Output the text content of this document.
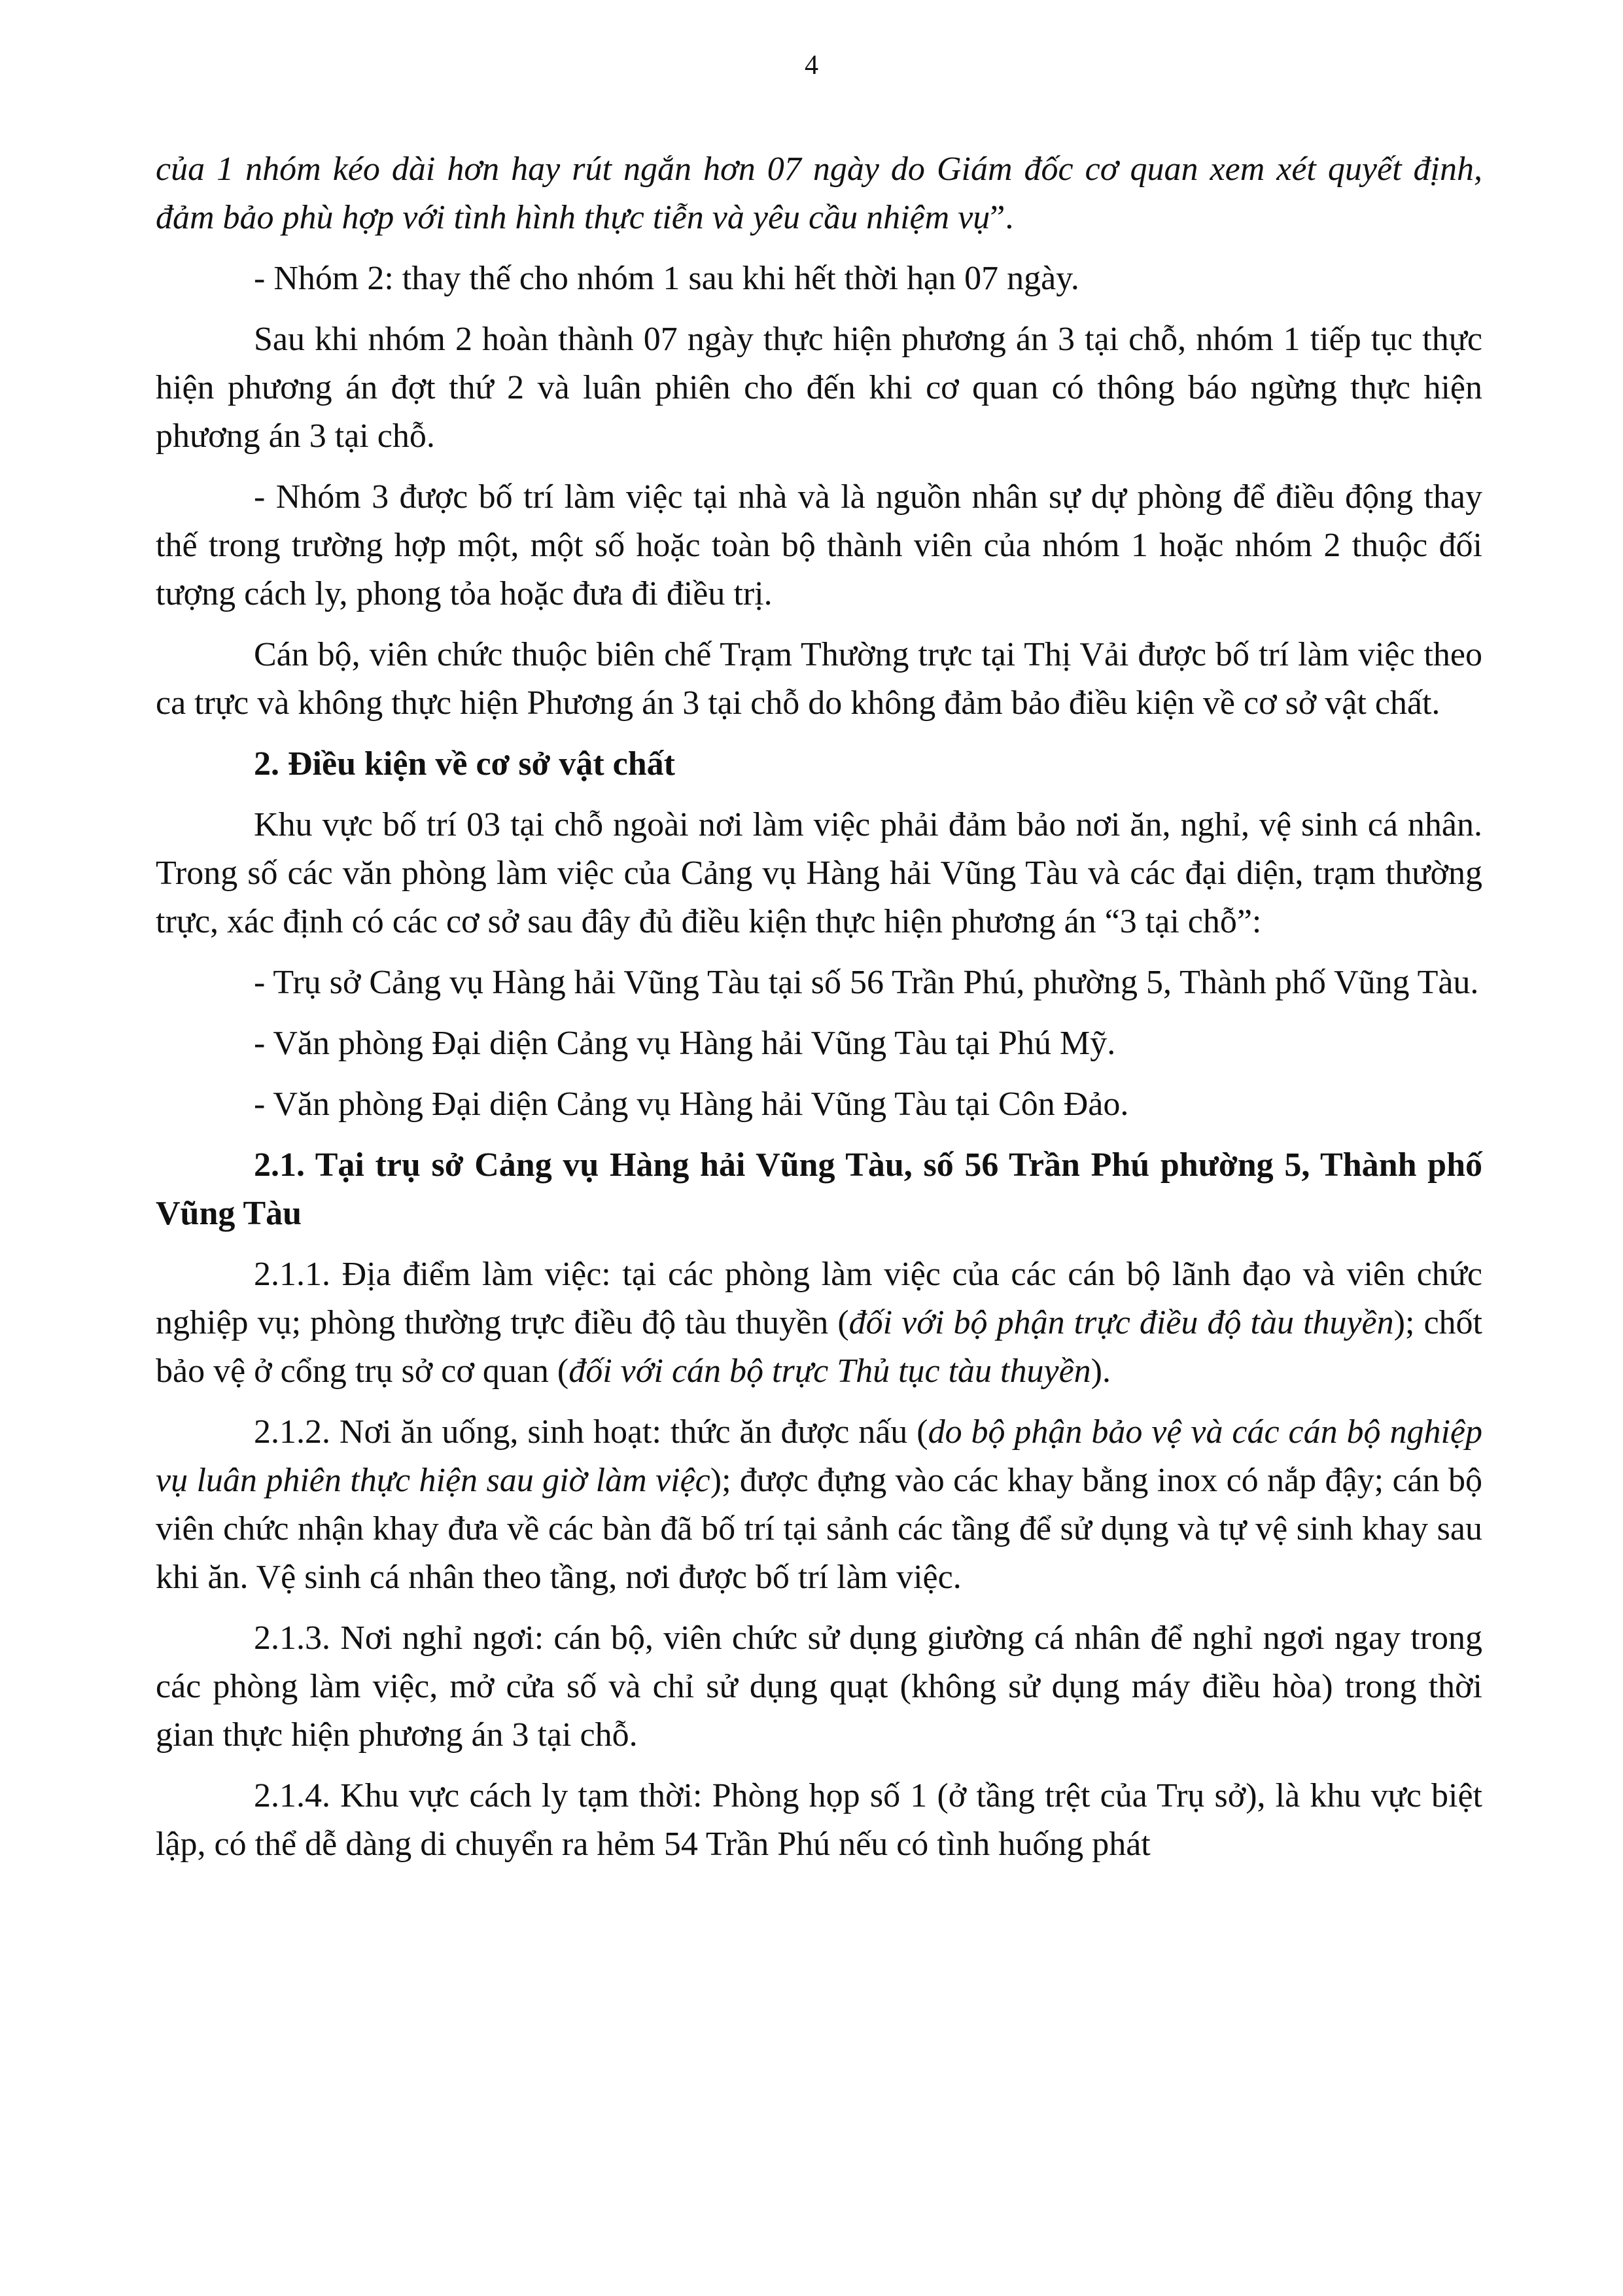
4

của 1 nhóm kéo dài hơn hay rút ngắn hơn 07 ngày do Giám đốc cơ quan xem xét quyết định, đảm bảo phù hợp với tình hình thực tiễn và yêu cầu nhiệm vụ”.

- Nhóm 2: thay thế cho nhóm 1 sau khi hết thời hạn 07 ngày.

Sau khi nhóm 2 hoàn thành 07 ngày thực hiện phương án 3 tại chỗ, nhóm 1 tiếp tục thực hiện phương án đợt thứ 2 và luân phiên cho đến khi cơ quan có thông báo ngừng thực hiện phương án 3 tại chỗ.

- Nhóm 3 được bố trí làm việc tại nhà và là nguồn nhân sự dự phòng để điều động thay thế trong trường hợp một, một số hoặc toàn bộ thành viên của nhóm 1 hoặc nhóm 2 thuộc đối tượng cách ly, phong tỏa hoặc đưa đi điều trị.

Cán bộ, viên chức thuộc biên chế Trạm Thường trực tại Thị Vải được bố trí làm việc theo ca trực và không thực hiện Phương án 3 tại chỗ do không đảm bảo điều kiện về cơ sở vật chất.

2. Điều kiện về cơ sở vật chất

Khu vực bố trí 03 tại chỗ ngoài nơi làm việc phải đảm bảo nơi ăn, nghỉ, vệ sinh cá nhân. Trong số các văn phòng làm việc của Cảng vụ Hàng hải Vũng Tàu và các đại diện, trạm thường trực, xác định có các cơ sở sau đây đủ điều kiện thực hiện phương án “3 tại chỗ”:

- Trụ sở Cảng vụ Hàng hải Vũng Tàu tại số 56 Trần Phú, phường 5, Thành phố Vũng Tàu.

- Văn phòng Đại diện Cảng vụ Hàng hải Vũng Tàu tại Phú Mỹ.

- Văn phòng Đại diện Cảng vụ Hàng hải Vũng Tàu tại Côn Đảo.

2.1. Tại trụ sở Cảng vụ Hàng hải Vũng Tàu, số 56 Trần Phú phường 5, Thành phố Vũng Tàu

2.1.1. Địa điểm làm việc: tại các phòng làm việc của các cán bộ lãnh đạo và viên chức nghiệp vụ; phòng thường trực điều độ tàu thuyền (đối với bộ phận trực điều độ tàu thuyền); chốt bảo vệ ở cổng trụ sở cơ quan (đối với cán bộ trực Thủ tục tàu thuyền).

2.1.2. Nơi ăn uống, sinh hoạt: thức ăn được nấu (do bộ phận bảo vệ và các cán bộ nghiệp vụ luân phiên thực hiện sau giờ làm việc); được đựng vào các khay bằng inox có nắp đậy; cán bộ viên chức nhận khay đưa về các bàn đã bố trí tại sảnh các tầng để sử dụng và tự vệ sinh khay sau khi ăn. Vệ sinh cá nhân theo tầng, nơi được bố trí làm việc.

2.1.3. Nơi nghỉ ngơi: cán bộ, viên chức sử dụng giường cá nhân để nghỉ ngơi ngay trong các phòng làm việc, mở cửa số và chỉ sử dụng quạt (không sử dụng máy điều hòa) trong thời gian thực hiện phương án 3 tại chỗ.

2.1.4. Khu vực cách ly tạm thời: Phòng họp số 1 (ở tầng trệt của Trụ sở), là khu vực biệt lập, có thể dễ dàng di chuyển ra hẻm 54 Trần Phú nếu có tình huống phát
